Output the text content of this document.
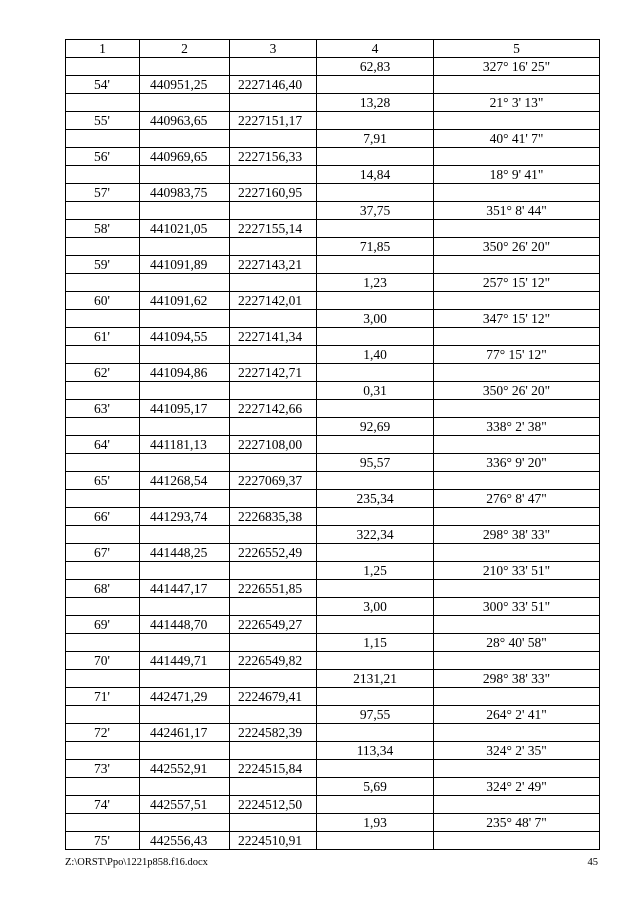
1	2	3	4	5
			62,83	327° 16' 25"
54'	440951,25	2227146,40		
			13,28	21° 3' 13"
55'	440963,65	2227151,17		
			7,91	40° 41' 7"
56'	440969,65	2227156,33		
			14,84	18° 9' 41"
57'	440983,75	2227160,95		
			37,75	351° 8' 44"
58'	441021,05	2227155,14		
			71,85	350° 26' 20"
59'	441091,89	2227143,21		
			1,23	257° 15' 12"
60'	441091,62	2227142,01		
			3,00	347° 15' 12"
61'	441094,55	2227141,34		
			1,40	77° 15' 12"
62'	441094,86	2227142,71		
			0,31	350° 26' 20"
63'	441095,17	2227142,66		
			92,69	338° 2' 38"
64'	441181,13	2227108,00		
			95,57	336° 9' 20"
65'	441268,54	2227069,37		
			235,34	276° 8' 47"
66'	441293,74	2226835,38		
			322,34	298° 38' 33"
67'	441448,25	2226552,49		
			1,25	210° 33' 51"
68'	441447,17	2226551,85		
			3,00	300° 33' 51"
69'	441448,70	2226549,27		
			1,15	28° 40' 58"
70'	441449,71	2226549,82		
			2131,21	298° 38' 33"
71'	442471,29	2224679,41		
			97,55	264° 2' 41"
72'	442461,17	2224582,39		
			113,34	324° 2' 35"
73'	442552,91	2224515,84		
			5,69	324° 2' 49"
74'	442557,51	2224512,50		
			1,93	235° 48' 7"
75'	442556,43	2224510,91		
Z:\ORST\Ppo\1221p858.f16.docx	45
